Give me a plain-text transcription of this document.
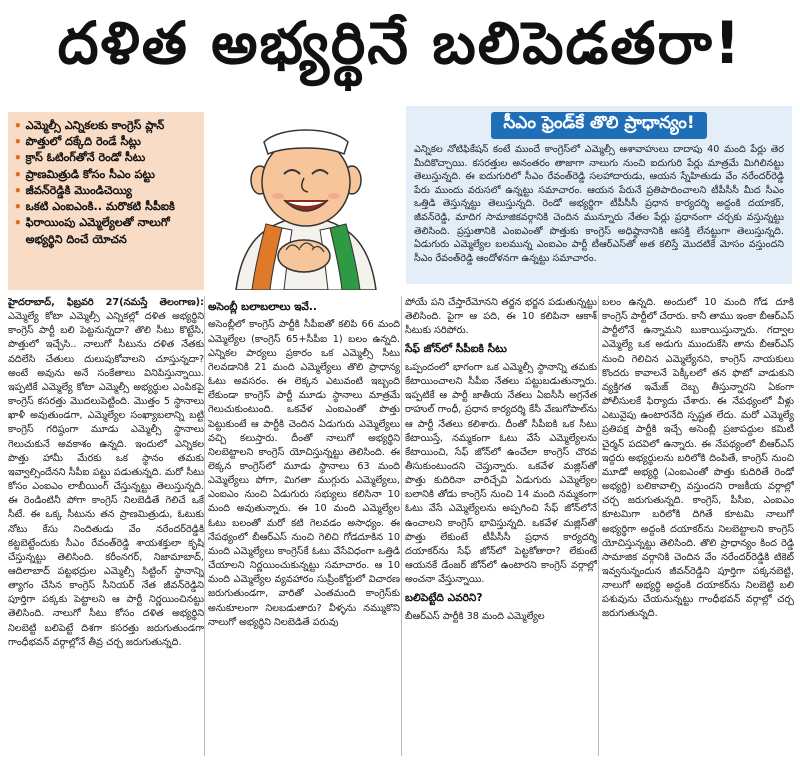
దళిత అభ్యర్థినే బలిపెడతరా!
• ఎమ్మెల్సీ ఎన్నికలకు కాంగ్రెస్ ప్లాన్
• పొత్తులో దక్కేది రెండే సీట్లు
• క్రాస్ ఓటింగ్‌తోనే రెండో సీటు
• ప్రాణమిత్రుడి కోసం సీఎం పట్టు
• జీవన్‌రెడ్డికి మొండిచెయ్యి
• ఒకటి ఎంఐఎంకి.. మరొకటి సీపీఐకి
• ఫిరాయింపు ఎమ్మెల్యేలతో నాలుగో అభ్యర్థిని దించే యోచన
సీఎం ఫ్రెండ్‌కే తొలి ప్రాధాన్యం!

ఎన్నికల నోటిఫికేషన్ కంటే ముందే కాంగ్రెస్‌లో ఎమ్మెల్సీ ఆశావాహులు దాదాపు 40 మంది పేర్లు తెర మీదికొచ్చాయి. కసరత్తుల అనంతరం తాజాగా నాలుగు నుంచి ఐదుగురి పేర్లు మాత్రమే మిగిలినట్టు తెలుస్తున్నది. ఈ ఐదుగురిలో సీఎం రేవంత్‌రెడ్డి సలహాదారుడు, ఆయన స్నేహితుడు వేం నరేందర్‌రెడ్డి పేరు ముందు వరుసలో ఉన్నట్టు సమాచారం. ఆయన పేరునే ప్రతిపాదించాలని టీపీసీసీ మీద సీఎం ఒత్తిడి తెస్తున్నట్టు తెలుస్తున్నది. రెండో అభ్యర్థిగా టీపీసీసీ ప్రధాన కార్యదర్శి అద్దంకి దయాకర్, జీవన్‌రెడ్డి, మాదిగ సామాజికవర్గానికి చెందిన మున్నూరు నేతల పేర్లు ప్రధానంగా చర్చకు వస్తున్నట్టు తెలిసింది. ప్రస్తుతానికి ఎంఐఎంతో పొత్తుకు కాంగ్రెస్ అధిష్ఠానానికి ఆసక్తి లేనట్టుగా తెలుస్తున్నది. ఏడుగురు ఎమ్మెల్యేల బలమున్న ఎంఐఎం పార్టీ టీఆర్‌ఎస్‌తో అత కలిస్తే మొదటికే మోసం వస్తుందని సీఎం రేవంత్‌రెడ్డి ఆందోళనగా ఉన్నట్టు సమాచారం.

హైదరాబాద్, ఫిబ్రవరి 27(నమస్తే తెలంగాణ): ఎమ్మెల్యే కోటా ఎమ్మెల్సీ ఎన్నికల్లో దళిత అభ్యర్థిని కాంగ్రెస్ పార్టీ బలి పెట్టనున్నదా? తొలి సీటు కొట్టేసి, పొత్తులో ఇచ్చేసి.. నాలుగో సీటును దళిత నేతకు వదిలేసి చేతులు దులుపుకోవాలని చూస్తున్నదా? అంటే అవును అనే సంకేతాలు వినిపిస్తున్నాయి. ఇప్పటికే ఎమ్మెల్యే కోటా ఎమ్మెల్సీ అభ్యర్థుల ఎంపికపై కాంగ్రెస్ కసరత్తు మొదలుపెట్టింది. మొత్తం 5 స్థానాలు ఖాళీ అవుతుండగా, ఎమ్మెల్యేల సంఖ్యాబలాన్ని బట్టి కాంగ్రెస్ గరిష్ఠంగా మూడు ఎమ్మెల్సీ స్థానాలు గెలుచుకునే అవకాశం ఉన్నది. ఇందులో ఎన్నికల పొత్తు హామీ మేరకు ఒక స్థానం తమకు ఇవ్వాల్సిందేనని సీపీఐ పట్టు పడుతున్నది. మరో సీటు కోసం ఎంఐఎం లాబీయింగ్ చేస్తున్నట్టు తెలుస్తున్నది. ఈ రెండింటినీ పోగా కాంగ్రెస్ నిలబెడితే గెలిచే ఒకే సీటే. ఈ ఒక్క సీటును తన ప్రాణమిత్రుడు, ఓటుకు నోటు కేసు నిందితుడు వేం నరేందర్‌రెడ్డికి కట్టబెట్టేందుకు సీఎం రేవంత్‌రెడ్డి శాయశక్తులా కృషి చేస్తున్నట్టు తెలిసింది. కరీంనగర్, నిజామాబాద్, ఆదిలాబాద్ పట్టభద్రుల ఎమ్మెల్సీ సిట్టింగ్ స్థానాన్ని త్యాగం చేసిన కాంగ్రెస్ సీనియర్ నేత జీవన్‌రెడ్డిని పూర్తిగా పక్కకు పెట్టాలని ఆ పార్టీ నిర్ణయించినట్టు తెలిసింది. నాలుగో సీటు కోసం దళిత అభ్యర్థిని నిలబెట్టి బలిపెట్టే దిశగా కసరత్తు జరుగుతుండగా గాంధీభవన్ వర్గాల్లోనే తీవ్ర చర్చ జరుగుతున్నది.

అసెంబ్లీ బలాబలాలు ఇవే..

అసెంబ్లీలో కాంగ్రెస్ పార్టీకి సీపీఐతో కలిపి 66 మంది ఎమ్మెల్యేల (కాంగ్రెస్ 65+సీపీఐ 1) బలం ఉన్నది. ఎన్నికల పార్యలు ప్రకారం ఒక ఎమ్మెల్సీ సీటు గెలవడానికి 21 మంది ఎమ్మెల్యేలు తొలి ప్రాధాన్య ఓటు అవసరం. ఈ లెక్కన ఎటువంటి ఇబ్బంది లేకుండా కాంగ్రెస్ పార్టీ మూడు స్థానాలు మాత్రమే గెలుచుకుంటుంది. ఒకవేళ ఎంఐఎంతో పొత్తు పెట్టుకుంటే ఆ పార్టీకి చెందిన ఏడుగురు ఎమ్మెల్యేలు వచ్చి కలుస్తారు. దీంతో నాలుగో అభ్యర్థిని నిలబెట్టాలని కాంగ్రెస్ యోచిస్తున్నట్టు తెలిసింది. ఈ లెక్కన కాంగ్రెస్‌లో మూడు స్థానాలు 63 మంది ఎమ్మెల్యేలు పోగా, మిగతా ముగ్గురు ఎమ్మెల్యేలు, ఎంఐఎం నుంచి ఏడుగురు సభ్యులు కలిసినా 10 మంది అవుతున్నారు. ఈ 10 మంది ఎమ్మెల్యేల ఓటు బలంతో మరో కటి గెలవడం అసాధ్యం. ఈ నేపథ్యంలో బీఆర్‌ఎస్ నుంచి గెలిచి గోడదూకిన 10 మంది ఎమ్మెల్యేలు కాంగ్రెస్‌కే ఓటు వేసేవిధంగా ఒత్తిడి చేయాలని నిర్ణయించుకున్నట్టు సమాచారం. ఆ 10 మంది ఎమ్మెల్యేల వ్యవహారం సుప్రీంకోర్టులో విచారణ జరుగుతుండగా, వారితో ఎంతమంది కాంగ్రెస్‌కు అనుకూలంగా నిలబడుతారు? వీళ్ళను నమ్ముకొని నాలుగో అభ్యర్థిని నిలబెడితే పరువు

పోయే పని చేస్తారేమోనని తర్జన భర్జన పడుతున్నట్టు తెలిసింది. పైగా ఆ పది, ఈ 10 కలిపినా ఆకాశ్ సీటుకు సరిపోరు.

సేఫ్ జోన్‌లో సీపీఐకి సీటు

ఒప్పందంలో భాగంగా ఒక ఎమ్మెల్సీ స్థానాన్ని తమకు కేటాయించాలని సీపీఐ నేతలు పట్టుబడుతున్నారు. ఇప్పటికే ఆ పార్టీ జాతీయ నేతలు ఏఐసీసీ అగ్రనేత రాహుల్ గాంధీ, ప్రధాన కార్యదర్శి కేసీ వేణుగోపాల్‌ను ఆ పార్టీ నేతలు కలిశారు. దీంతో సీపీఐకి ఒక సీటు కేటాయిస్తే, నమ్మకంగా ఓటు వేసే ఎమ్మెల్యేలను కేటాయించి, సేఫ్ జోన్‌లో ఉంచేలా కాంగ్రెస్ చొరవ తీసుకుంటుందని చెప్తున్నారు. ఒకవేళ మజ్లిస్‌తో పొత్తు కుదిరినా వారిచ్చేవి ఏడుగురు ఎమ్మెల్యేల బలానికి తోడు కాంగ్రెస్ నుంచి 14 మంది నమ్మకంగా ఓటు వేసే ఎమ్మెల్యేలను అప్పగించి సేఫ్ జోన్‌లోనే ఉంచాలని కాంగ్రెస్ భావిస్తున్నది. ఒకవేళ మజ్లిస్‌తో పొత్తు లేకుంటే టీపీసీసీ ప్రధాన కార్యదర్శి దయాకర్‌ను సేఫ్ జోన్‌లో పెట్టకోతారా? లేకుంటే ఆయనకే డేంజర్ జోన్‌లో ఉంటారని కాంగ్రెస్ వర్గాల్లో అంచనా వేస్తున్నాయి.

బలిపెట్టేది ఎవరిని?

బీఆర్‌ఎస్ పార్టీకి 38 మంది ఎమ్మెల్యేల

బలం ఉన్నది. అందులో 10 మంది గోడ దూకి కాంగ్రెస్ పార్టీలో చేరారు. కానీ తాము ఇంకా బీఆర్‌ఎస్ పార్టీలోనే ఉన్నామని బుకాయిస్తున్నారు. గద్వాల ఎమ్మెల్యే ఒక అడుగు ముందుకేసి తాను బీఆర్‌ఎస్ నుంచి గెలిచిన ఎమ్మెల్యేనని, కాంగ్రెస్ నాయకులు కొందరు కావాలనే పెక్కీలలో తన ఫొటో వాడుకుని వ్యక్తిగత ఇమేజ్ దెబ్బ తీస్తున్నారని ఏకంగా పోలీసులకే ఫిర్యాదు చేశారు. ఈ నేపథ్యంలో వీళ్లు ఎటువైపు ఉంటారనేది స్పష్టత లేదు. మరో ఎమ్మెల్యే ప్రతిపక్ష పార్టీకి ఇచ్చే అసెంబ్లీ ప్రజాపద్దుల కమిటీ చైర్మన్ పదవిలో ఉన్నారు. ఈ నేపథ్యంలో బీఆర్‌ఎస్ ఇద్దరు అభ్యర్థులను బరిలోకి దింపితే, కాంగ్రెస్ నుంచి మూడో అభ్యర్థి (ఎంఐఎంతో పొత్తు కుదిరితే రెండో అభ్యర్థి) బలికావాల్సి వస్తుందని రాజకీయ వర్గాల్లో చర్చ జరుగుతున్నది. కాంగ్రెస్, పీసీఐ, ఎంఐఎం కూటమిగా బరిలోకి దిగితే కూటమి నాలుగో అభ్యర్థిగా అద్దంకి దయాకర్‌ను నిలబెట్టాలని కాంగ్రెస్ యోచిస్తున్నట్టు తెలిసింది. తొలి ప్రాధాన్యం కింద రెడ్డి సామాజిక వర్గానికి చెందిన వేం నరేందర్‌రెడ్డికి టికెట్ ఇవ్వనున్నందున జీవన్‌రెడ్డిని పూర్తిగా పక్కనబెట్టి, నాలుగో అభ్యర్థి అద్దంకి దయాకర్‌ను నిలబెట్టి బలి పశువును చేయనున్నట్టు గాంధీభవన్ వర్గాల్లో చర్చ జరుగుతున్నది.
